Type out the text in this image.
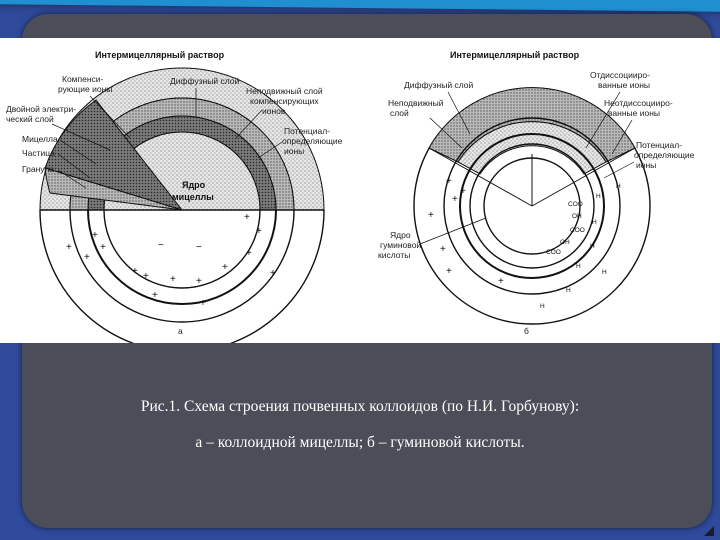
Интермицеллярный раствор
+
+
+
+ + + +
+
+
+
+
+
+
+
+	−	−
Компенси-
рующие ионы
Двойной электри-
ческий слой
Мицелла
Частица
Гранула
Диффузный слой
Неподвижный слой
компенсирующих
ионов
Потенциал-
определяющие
ионы
Ядро
мицеллы
а
Интермицеллярный раствор
COO
OH
COO
OH
COO
H
H
H
H
H
H
H
H
+
+
+
+
+
+
+
Диффузный слой
Неподвижный
слой
Отдиссоцииро-
ванные ионы
Неотдиссоцииро-
ванные ионы
Потенциал-
определяющие
ионы
Ядро
гуминовой
кислоты
б
Рис.1. Схема строения почвенных коллоидов (по Н.И. Горбунову):
а – коллоидной мицеллы; б – гуминовой кислоты.
